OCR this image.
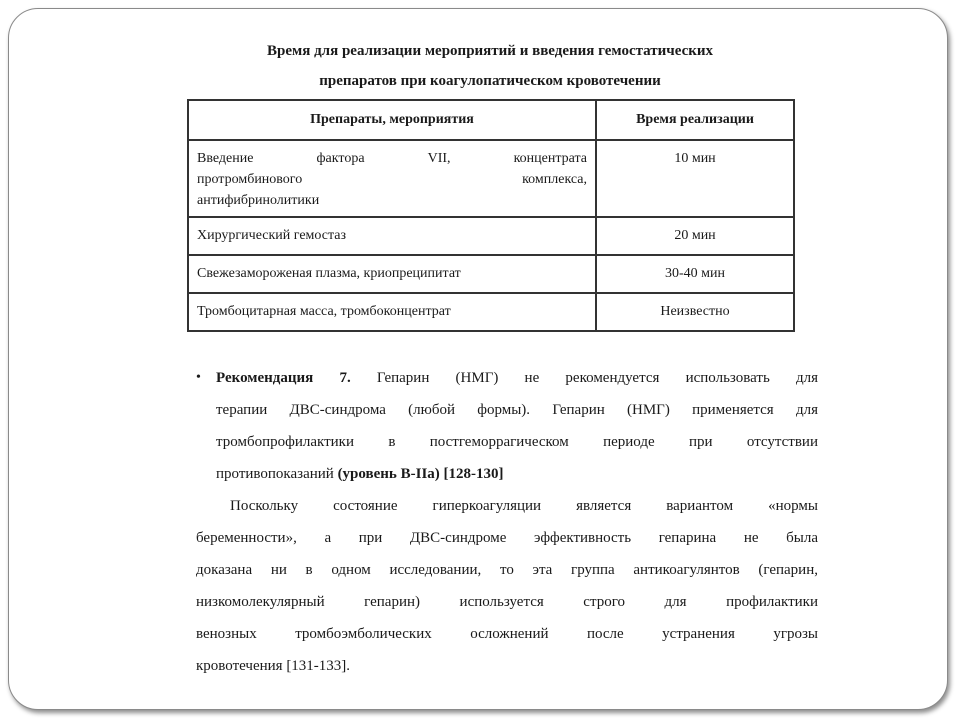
Время для реализации мероприятий и введения гемостатических
препаратов при коагулопатическом кровотечении
Препараты, мероприятия	Время реализации

Введение фактора VII, концентрата
протромбинового комплекса,
антифибринолитики	10 мин
Хирургический гемостаз	20 мин
Свежезамороженая плазма, криопреципитат	30-40 мин
Тромбоцитарная масса, тромбоконцентрат	Неизвестно
•	Рекомендация 7. Гепарин (НМГ) не рекомендуется использовать для
терапии ДВС-синдрома (любой формы). Гепарин (НМГ) применяется для
тромбопрофилактики в постгеморрагическом периоде при отсутствии
противопоказаний (уровень В-IIa) [128-130]
Поскольку состояние гиперкоагуляции является вариантом «нормы
беременности», а при ДВС-синдроме эффективность гепарина не была
доказана ни в одном исследовании, то эта группа антикоагулянтов (гепарин,
низкомолекулярный гепарин) используется строго для профилактики
венозных тромбоэмболических осложнений после устранения угрозы
кровотечения [131-133].
